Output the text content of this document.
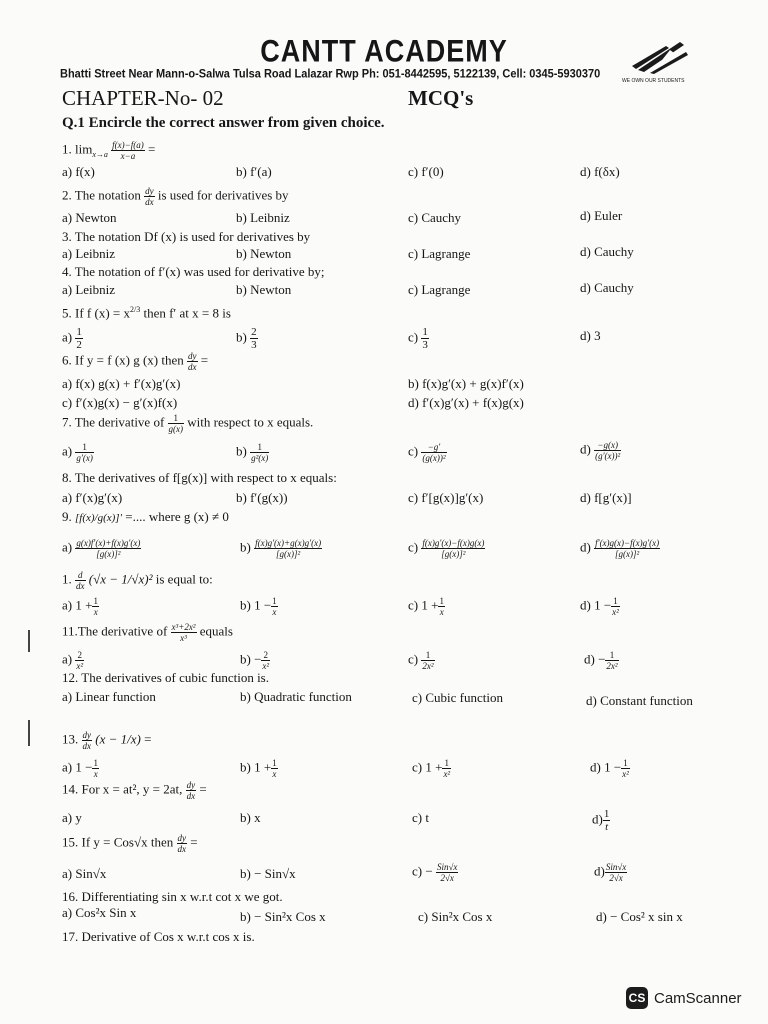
CANTT ACADEMY
Bhatti Street Near Mann-o-Salwa Tulsa Road Lalazar Rwp Ph: 051-8442595, 5122139, Cell: 0345-5930370
WE OWN OUR STUDENTS
CHAPTER-No- 02	MCQ's
Q.1 Encircle the correct answer from given choice.
1. $\lim_{x\to a} \frac{f(x)-f(a)}{x-a}$ =
a) f(x)	b) f′(a)	c) f′(0)	d) f(δx)
2. The notation $\frac{dy}{dx}$ is used for derivatives by
a) Newton	b) Leibniz	c) Cauchy	d) Euler
3. The notation Df (x) is used for derivatives by
a) Leibniz	b) Newton	c) Lagrange	d) Cauchy
4. The notation of f′(x) was used for derivative by;
a) Leibniz	b) Newton	c) Lagrange	d) Cauchy
5. If f $(x) = x^{2/3}$ then f′ at x = 8 is
$a) \frac{1}{2}$	$b) \frac{2}{3}$	$c) \frac{1}{3}$	d) 3
6. If y = f (x) g (x) then $\frac{dy}{dx}$ =
a) f(x) g(x) + f′(x)g′(x)	b) f(x)g′(x) + g(x)f′(x)
c) f′(x)g(x) − g′(x)f(x)	d) f′(x)g′(x) + f(x)g(x)
7. The derivative of $\frac{1}{g(x)}$ with respect to x equals.
$a) \frac{1}{g'(x)}$	$b) \frac{1}{\text{g²(x)}}$	$c) \frac{-g'}{\text{(g(x))²}}$	$d) \frac{-g(x)}{\text{(g′(x))²}}$
8. The derivatives of f[g(x)] with respect to x equals:
a) f′(x)g′(x)	b) f′(g(x))	c) f′[g(x)]g′(x)	d) f[g′(x)]
9. [f(x)/g(x)]′ =.... where g (x) ≠ 0
$a) \frac{g(x)f'(x)+f(x)g'(x)}{\text{[g(x)]²}}$	$b) \frac{f(x)g'(x)+g(x)g'(x)}{\text{[g(x)]²}}$	$c) \frac{f(x)g'(x)-f(x)g(x)}{\text{[g(x)]²}}$	$d) \frac{f'(x)g(x)-f(x)g'(x)}{\text{[g(x)]²}}$
1. $\frac{d}{dx} (√x - 1/√x)^2$ is equal to:
a) $1 + \frac{1}{x}$	b) $1 - \frac{1}{x}$	c) $1 + \frac{1}{x}$	d) $1 - \frac{1}{\text{x²}}$
11.The derivative of $\frac{\text{x³+2x²}}{\text{x³}}$ equals
$a) \frac{2}{\text{x²}}$	$b) - \frac{2}{\text{x²}}$	$c) \frac{1}{\text{2x²}}$	$d) - \frac{1}{\text{2x²}}$
12. The derivatives of cubic function is.
a) Linear function	b) Quadratic function	c) Cubic function	d) Constant function
13. $\frac{dy}{dx} (x - 1/x)$ =
a) $1 - \frac{1}{x}$	b) $1 + \frac{1}{x}$	c) $1 + \frac{1}{\text{x²}}$	d) $1 - \frac{1}{\text{x²}}$
14. For x = at², y = 2at, $\frac{dy}{dx}$ =
a) y	b) x	c) t	$d) \frac{1}{t}$
15. If y = Cos√x then $\frac{dy}{dx}$ =
a) Sin√x	b) − Sin√x	$c) - \frac{\text{Sin√x}}{2√x}$	$d) \frac{\text{Sin√x}}{2√x}$
16. Differentiating sin x w.r.t cot x we got.
a) Cos²x Sin x	b) − Sin²x Cos x	c) Sin²x Cos x	d) − Cos² x sin x
17. Derivative of Cos x w.r.t cos x is.
CS CamScanner
